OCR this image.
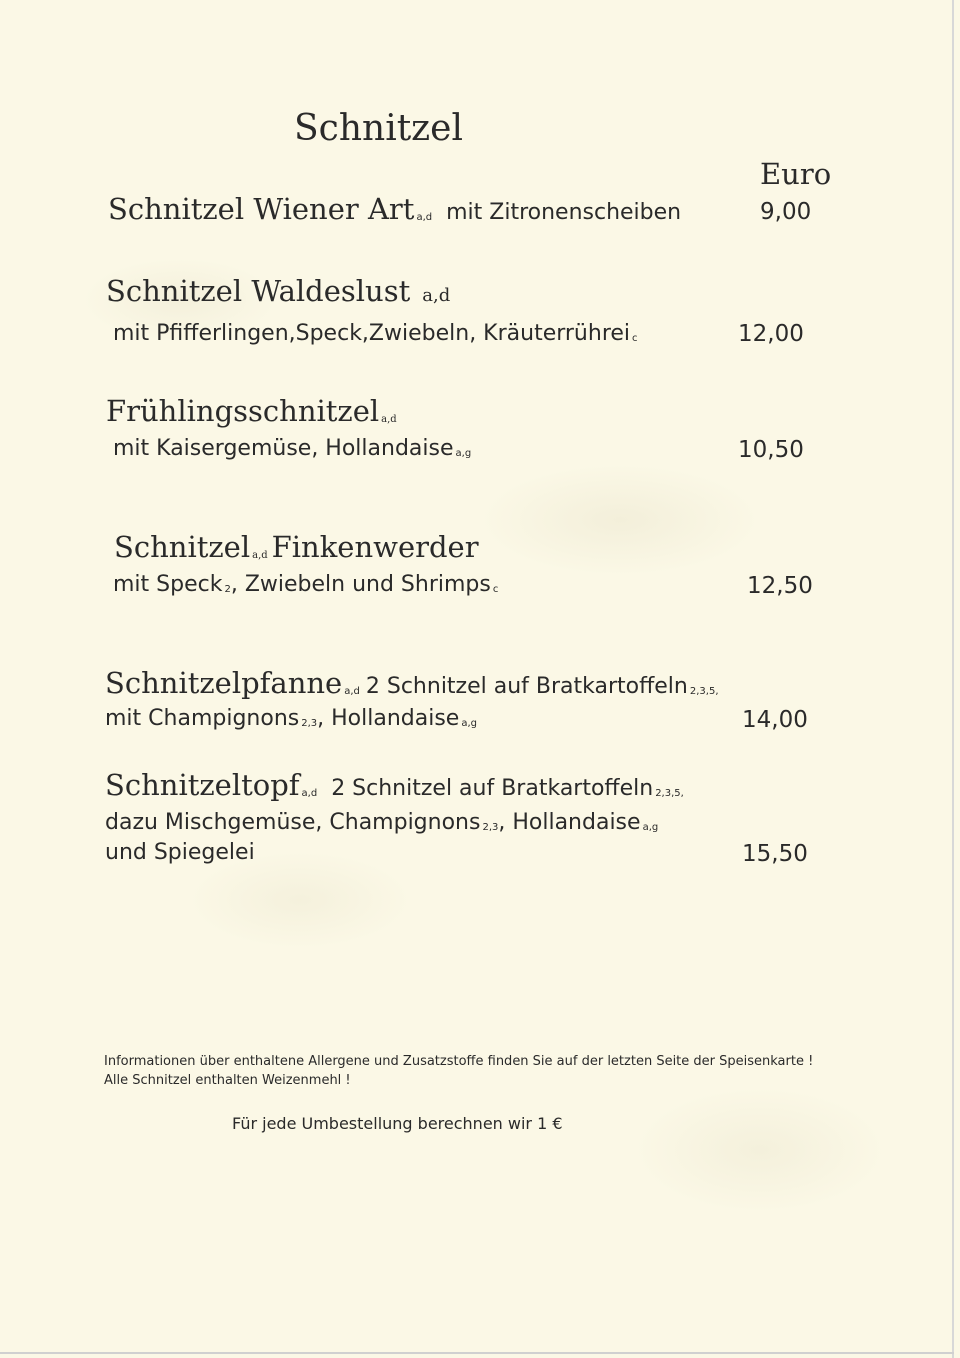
Schnitzel
Euro
Schnitzel Wiener Art $_{a,d}$ mit Zitronenscheiben	9,00
Schnitzel Waldeslust a,d
mit Pfifferlingen,Speck,Zwiebeln, Kräuterrührei $_c$	12,00
Frühlingsschnitzel $_{a,d}$
mit Kaisergemüse, Hollandaise $_{a,g}$	10,50
Schnitzel $_{a,d}$ Finkenwerder
mit Speck $_2$, Zwiebeln und Shrimps $_c$	12,50
Schnitzelpfanne $_{a,d}$ 2 Schnitzel auf Bratkartoffeln $_{2,3,5,}$
mit Champignons $_{2,3}$, Hollandaise $_{a,g}$	14,00
Schnitzeltopf $_{a,d}$ 2 Schnitzel auf Bratkartoffeln $_{2,3,5,}$
dazu Mischgemüse, Champignons $_{2,3}$, Hollandaise $_{a,g}$
und Spiegelei	15,50
Informationen über enthaltene Allergene und Zusatzstoffe finden Sie auf der letzten Seite der Speisenkarte ! Alle Schnitzel enthalten Weizenmehl !
Für jede Umbestellung berechnen wir 1 €
